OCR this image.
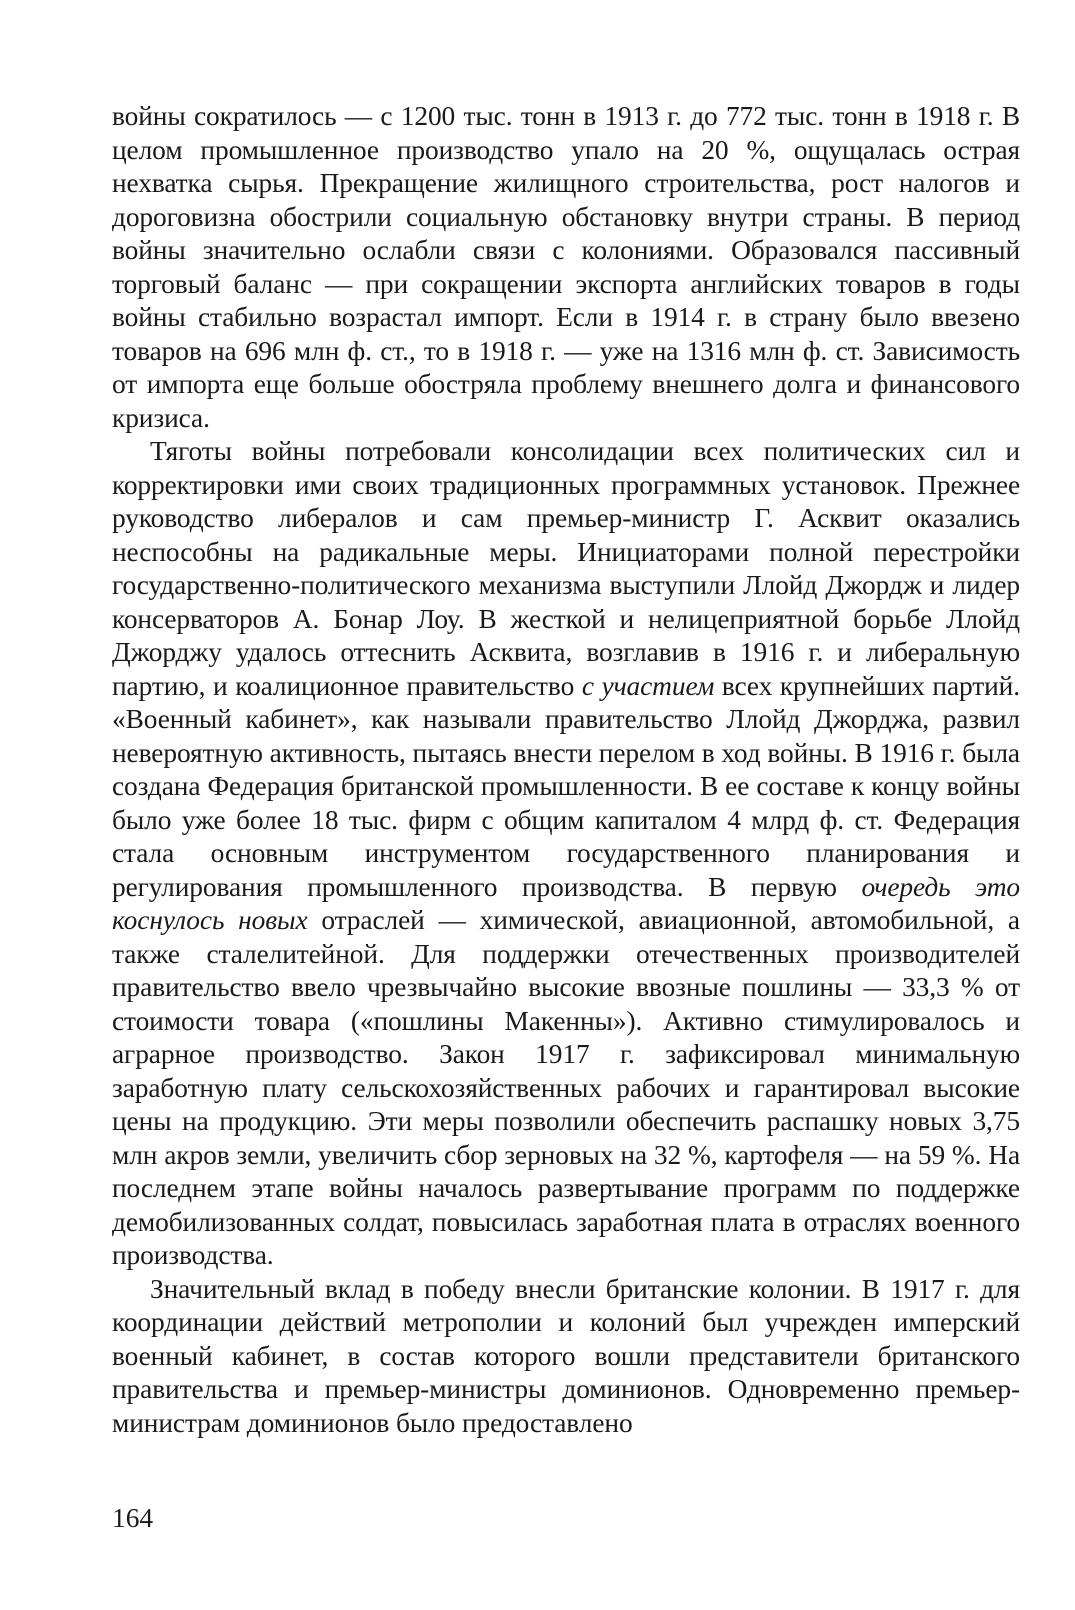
войны сократилось — с 1200 тыс. тонн в 1913 г. до 772 тыс. тонн в 1918 г. В целом промышленное производство упало на 20 %, ощущалась острая нехватка сырья. Прекращение жилищного строительства, рост налогов и дороговизна обострили социальную обстановку внутри страны. В период войны значительно ослабли связи с колониями. Образовался пассивный торговый баланс — при сокращении экспорта английских товаров в годы войны стабильно возрастал импорт. Если в 1914 г. в страну было ввезено товаров на 696 млн ф. ст., то в 1918 г. — уже на 1316 млн ф. ст. Зависимость от импорта еще больше обостряла проблему внешнего долга и финансового кризиса.

Тяготы войны потребовали консолидации всех политических сил и корректировки ими своих традиционных программных установок. Прежнее руководство либералов и сам премьер-министр Г. Асквит оказались неспособны на радикальные меры. Инициаторами полной перестройки государственно-политического механизма выступили Ллойд Джордж и лидер консерваторов А. Бонар Лоу. В жесткой и нелицеприятной борьбе Ллойд Джорджу удалось оттеснить Асквита, возглавив в 1916 г. и либеральную партию, и коалиционное правительство с участием всех крупнейших партий. «Военный кабинет», как называли правительство Ллойд Джорджа, развил невероятную активность, пытаясь внести перелом в ход войны. В 1916 г. была создана Федерация британской промышленности. В ее составе к концу войны было уже более 18 тыс. фирм с общим капиталом 4 млрд ф. ст. Федерация стала основным инструментом государственного планирования и регулирования промышленного производства. В первую очередь это коснулось новых отраслей — химической, авиационной, автомобильной, а также сталелитейной. Для поддержки отечественных производителей правительство ввело чрезвычайно высокие ввозные пошлины — 33,3 % от стоимости товара («пошлины Макенны»). Активно стимулировалось и аграрное производство. Закон 1917 г. зафиксировал минимальную заработную плату сельскохозяйственных рабочих и гарантировал высокие цены на продукцию. Эти меры позволили обеспечить распашку новых 3,75 млн акров земли, увеличить сбор зерновых на 32 %, картофеля — на 59 %. На последнем этапе войны началось развертывание программ по поддержке демобилизованных солдат, повысилась заработная плата в отраслях военного производства.

Значительный вклад в победу внесли британские колонии. В 1917 г. для координации действий метрополии и колоний был учрежден имперский военный кабинет, в состав которого вошли представители британского правительства и премьер-министры доминионов. Одновременно премьер-министрам доминионов было предоставлено

164
